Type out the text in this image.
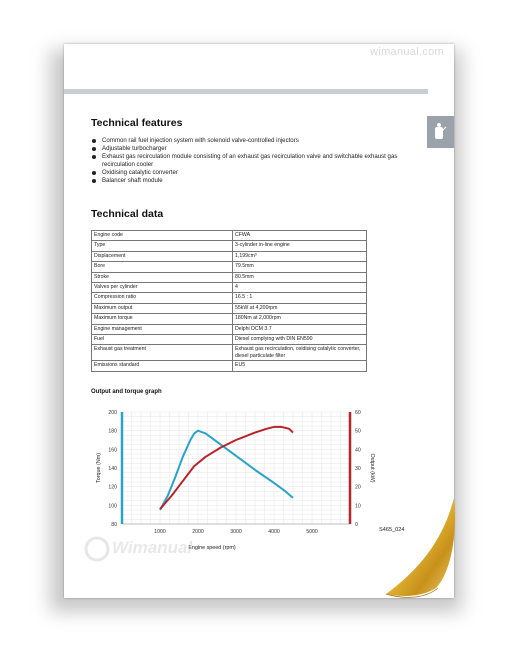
wimanual.com
Technical features
Common rail fuel injection system with solenoid valve-controlled injectors
Adjustable turbocharger
Exhaust gas recirculation module consisting of an exhaust gas recirculation valve and switchable exhaust gas recirculation cooler
Oxidising catalytic converter
Balancer shaft module
Technical data
Engine code	CFWA
Type	3-cylinder in-line engine
Displacement	1,199cm³
Bore	79.5mm
Stroke	80.5mm
Valves per cylinder	4
Compression ratio	16.5 : 1
Maximum output	55kW at 4,200rpm
Maximum torque	180Nm at 2,000rpm
Engine management	Delphi DCM 3.7
Fuel	Diesel complying with DIN EN590
Exhaust gas treatment	Exhaust gas recirculation, oxidising catalytic converter, diesel particulate filter
Emissions standard	EU5
Output and torque graph
80
100
120
140
160
180
200
0
10
20
30
40
50
60
1000	2000	3000	4000	5000
Engine speed (rpm)
Torque (Nm)	Output (kW)
S465_024
Wimanual
